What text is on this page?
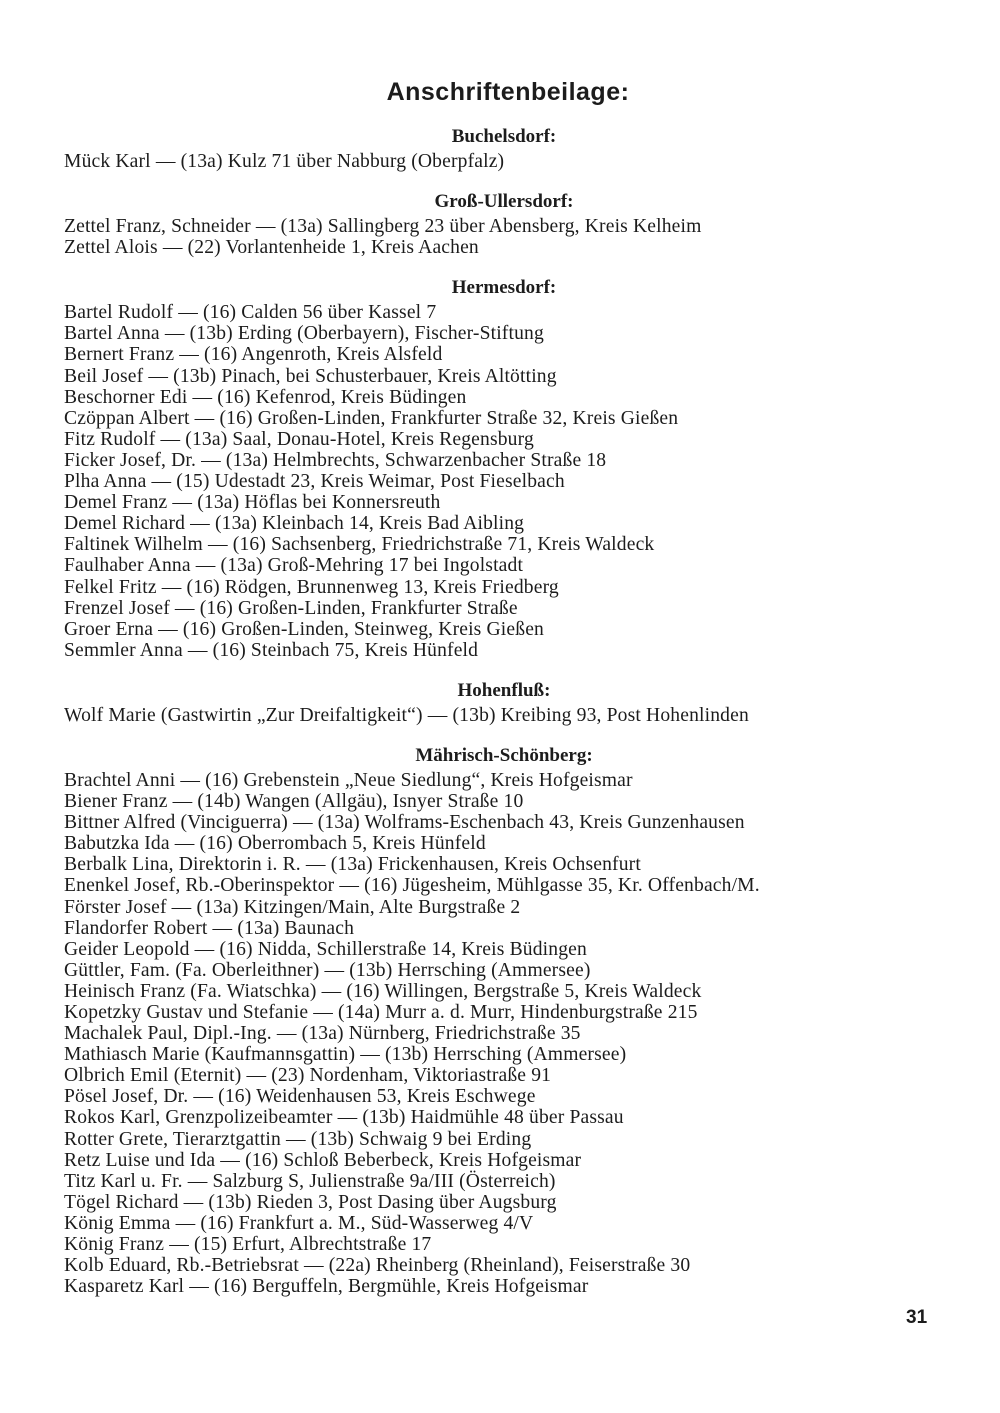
Anschriftenbeilage:
Buchelsdorf:
Mück Karl — (13a) Kulz 71 über Nabburg (Oberpfalz)
Groß-Ullersdorf:
Zettel Franz, Schneider — (13a) Sallingberg 23 über Abensberg, Kreis Kelheim
Zettel Alois — (22) Vorlantenheide 1, Kreis Aachen
Hermesdorf:
Bartel Rudolf — (16) Calden 56 über Kassel 7
Bartel Anna — (13b) Erding (Oberbayern), Fischer-Stiftung
Bernert Franz — (16) Angenroth, Kreis Alsfeld
Beil Josef — (13b) Pinach, bei Schusterbauer, Kreis Altötting
Beschorner Edi — (16) Kefenrod, Kreis Büdingen
Czöppan Albert — (16) Großen-Linden, Frankfurter Straße 32, Kreis Gießen
Fitz Rudolf — (13a) Saal, Donau-Hotel, Kreis Regensburg
Ficker Josef, Dr. — (13a) Helmbrechts, Schwarzenbacher Straße 18
Plha Anna — (15) Udestadt 23, Kreis Weimar, Post Fieselbach
Demel Franz — (13a) Höflas bei Konnersreuth
Demel Richard — (13a) Kleinbach 14, Kreis Bad Aibling
Faltinek Wilhelm — (16) Sachsenberg, Friedrichstraße 71, Kreis Waldeck
Faulhaber Anna — (13a) Groß-Mehring 17 bei Ingolstadt
Felkel Fritz — (16) Rödgen, Brunnenweg 13, Kreis Friedberg
Frenzel Josef — (16) Großen-Linden, Frankfurter Straße
Groer Erna — (16) Großen-Linden, Steinweg, Kreis Gießen
Semmler Anna — (16) Steinbach 75, Kreis Hünfeld
Hohenfluß:
Wolf Marie (Gastwirtin „Zur Dreifaltigkeit“) — (13b) Kreibing 93, Post Hohenlinden
Mährisch-Schönberg:
Brachtel Anni — (16) Grebenstein „Neue Siedlung“, Kreis Hofgeismar
Biener Franz — (14b) Wangen (Allgäu), Isnyer Straße 10
Bittner Alfred (Vinciguerra) — (13a) Wolframs-Eschenbach 43, Kreis Gunzenhausen
Babutzka Ida — (16) Oberrombach 5, Kreis Hünfeld
Berbalk Lina, Direktorin i. R. — (13a) Frickenhausen, Kreis Ochsenfurt
Enenkel Josef, Rb.-Oberinspektor — (16) Jügesheim, Mühlgasse 35, Kr. Offenbach/M.
Förster Josef — (13a) Kitzingen/Main, Alte Burgstraße 2
Flandorfer Robert — (13a) Baunach
Geider Leopold — (16) Nidda, Schillerstraße 14, Kreis Büdingen
Güttler, Fam. (Fa. Oberleithner) — (13b) Herrsching (Ammersee)
Heinisch Franz (Fa. Wiatschka) — (16) Willingen, Bergstraße 5, Kreis Waldeck
Kopetzky Gustav und Stefanie — (14a) Murr a. d. Murr, Hindenburgstraße 215
Machalek Paul, Dipl.-Ing. — (13a) Nürnberg, Friedrichstraße 35
Mathiasch Marie (Kaufmannsgattin) — (13b) Herrsching (Ammersee)
Olbrich Emil (Eternit) — (23) Nordenham, Viktoriastraße 91
Pösel Josef, Dr. — (16) Weidenhausen 53, Kreis Eschwege
Rokos Karl, Grenzpolizeibeamter — (13b) Haidmühle 48 über Passau
Rotter Grete, Tierarztgattin — (13b) Schwaig 9 bei Erding
Retz Luise und Ida — (16) Schloß Beberbeck, Kreis Hofgeismar
Titz Karl u. Fr. — Salzburg S, Julienstraße 9a/III (Österreich)
Tögel Richard — (13b) Rieden 3, Post Dasing über Augsburg
König Emma — (16) Frankfurt a. M., Süd-Wasserweg 4/V
König Franz — (15) Erfurt, Albrechtstraße 17
Kolb Eduard, Rb.-Betriebsrat — (22a) Rheinberg (Rheinland), Feiserstraße 30
Kasparetz Karl — (16) Berguffeln, Bergmühle, Kreis Hofgeismar
31
